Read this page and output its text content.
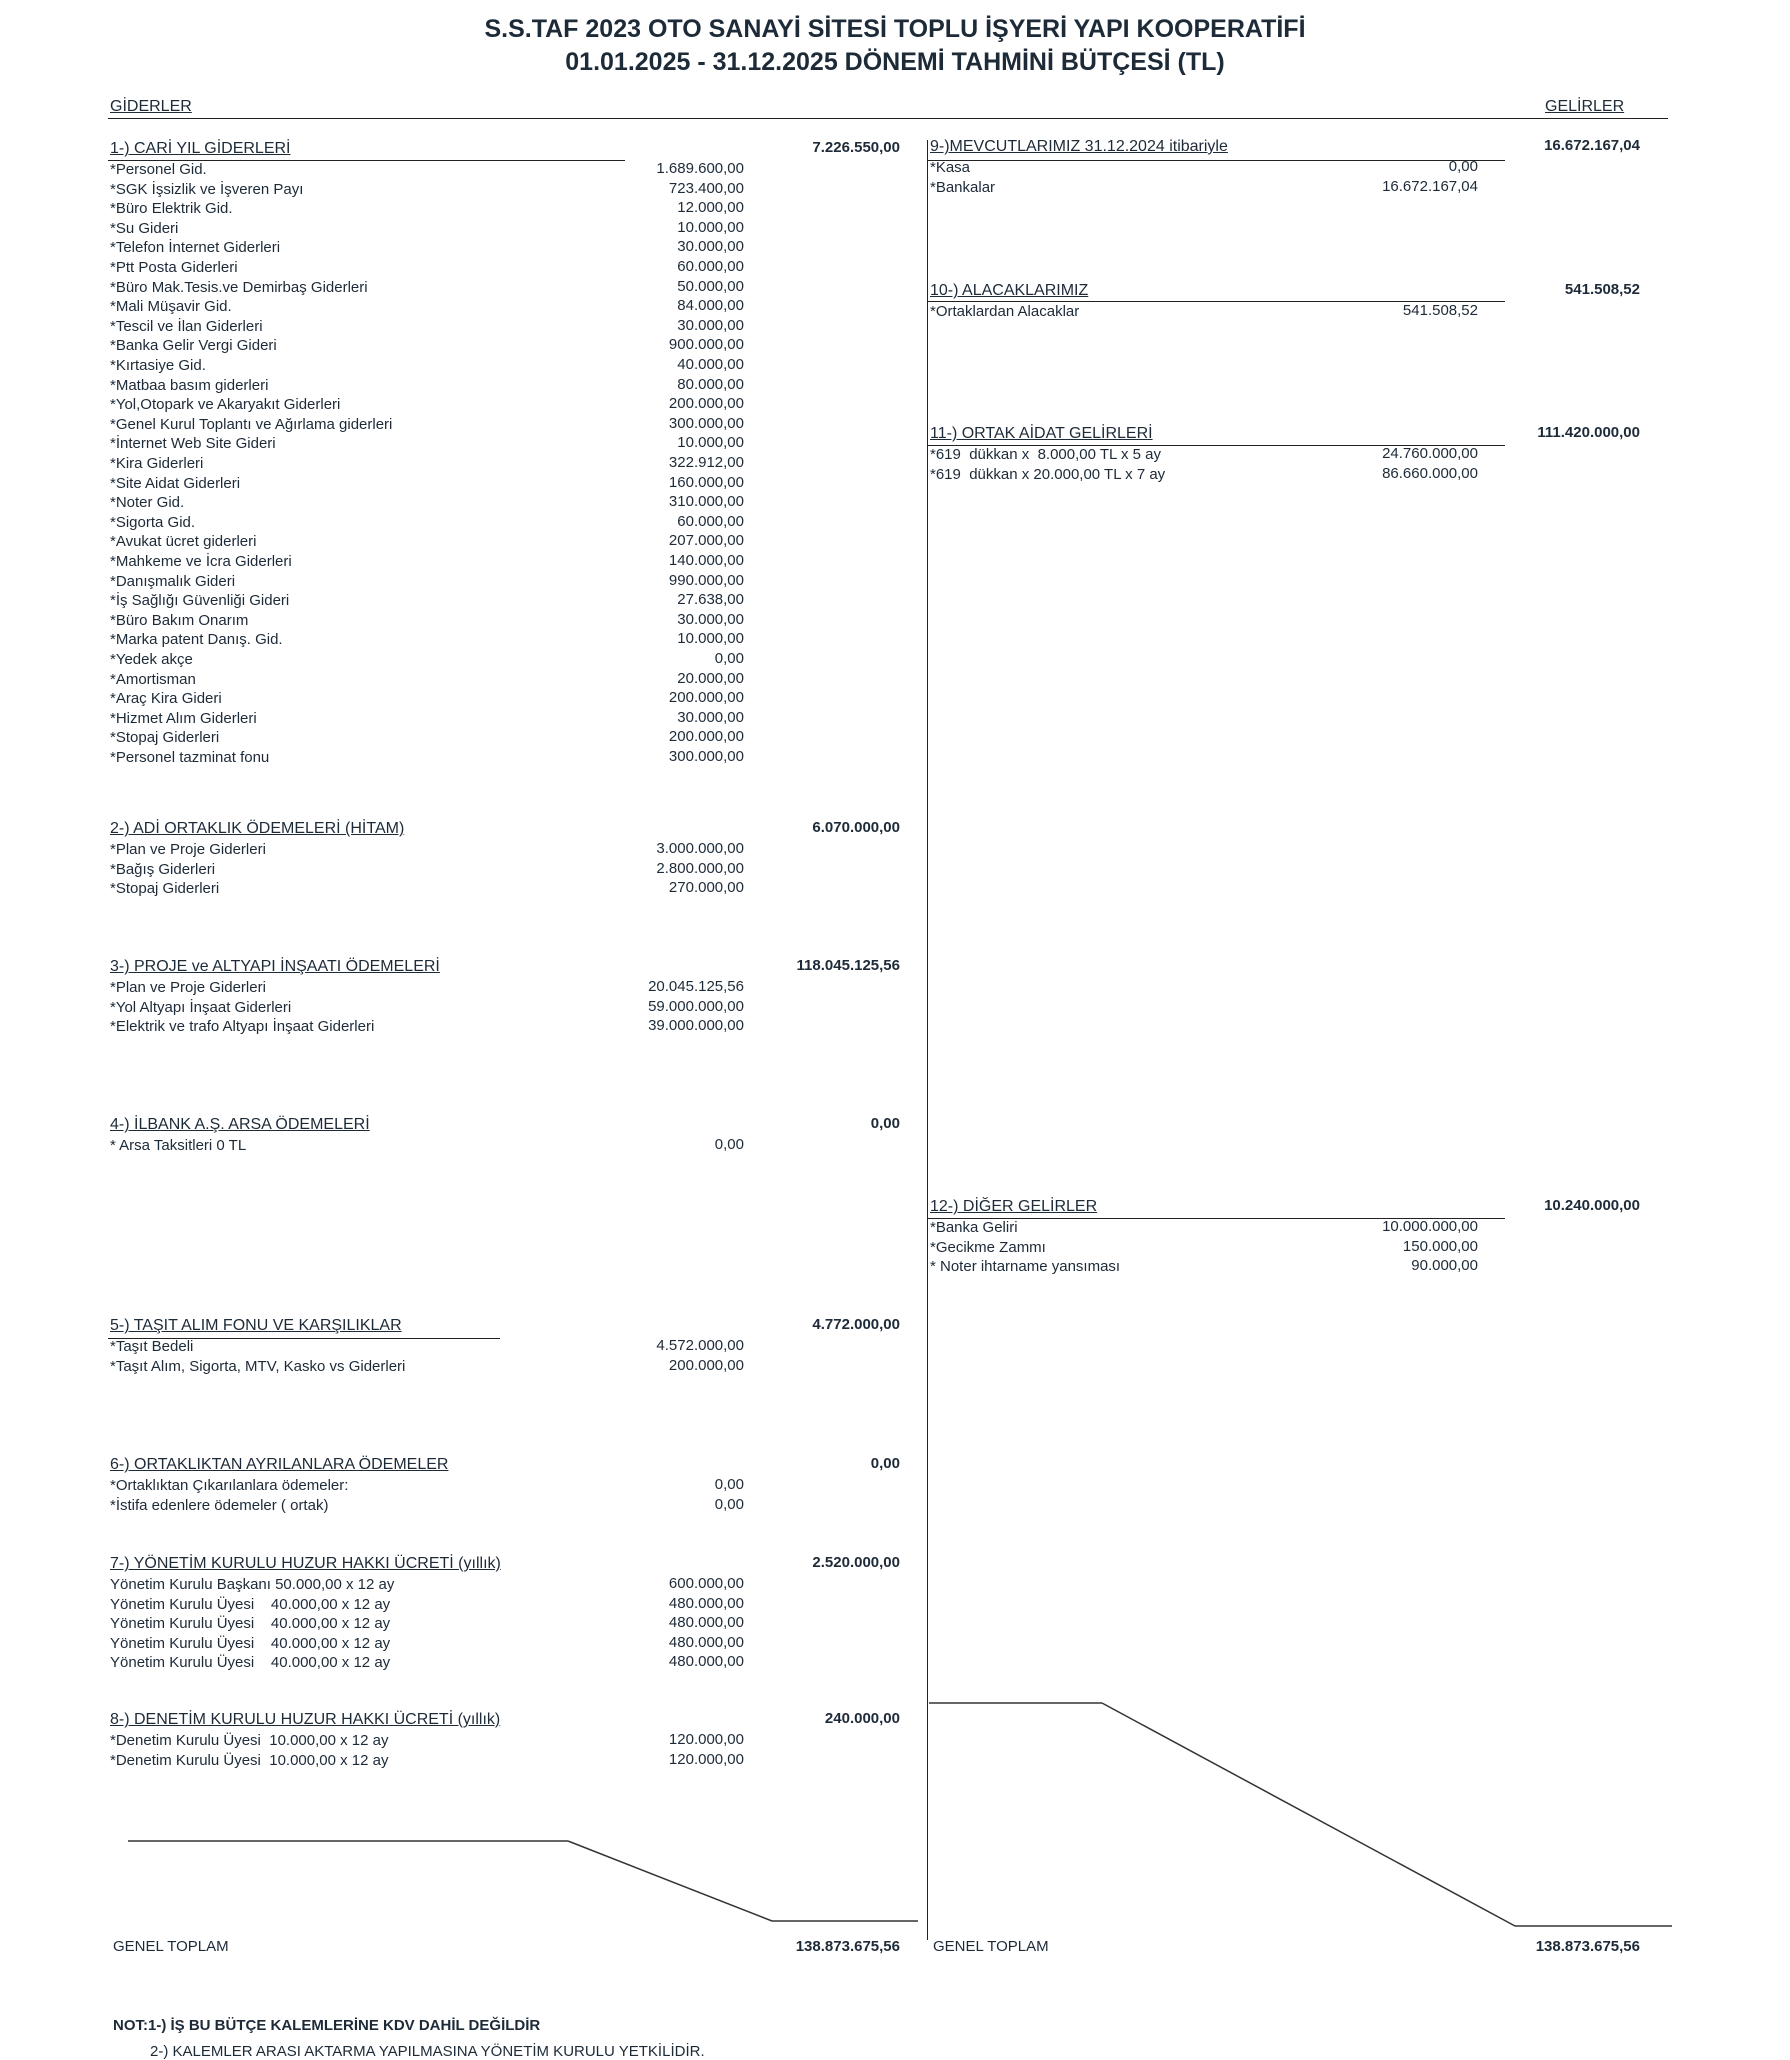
S.S.TAF 2023 OTO SANAYİ SİTESİ TOPLU İŞYERİ YAPI KOOPERATİFİ
01.01.2025 - 31.12.2025 DÖNEMİ TAHMİNİ BÜTÇESİ (TL)
GİDERLER	GELİRLER
1-) CARİ YIL GİDERLERİ	7.226.550,00
*Personel Gid.	1.689.600,00
*SGK İşsizlik ve İşveren Payı	723.400,00
*Büro Elektrik Gid.	12.000,00
*Su Gideri	10.000,00
*Telefon İnternet Giderleri	30.000,00
*Ptt Posta Giderleri	60.000,00
*Büro Mak.Tesis.ve Demirbaş Giderleri	50.000,00
*Mali Müşavir Gid.	84.000,00
*Tescil ve İlan Giderleri	30.000,00
*Banka Gelir Vergi Gideri	900.000,00
*Kırtasiye Gid.	40.000,00
*Matbaa basım giderleri	80.000,00
*Yol,Otopark ve Akaryakıt Giderleri	200.000,00
*Genel Kurul Toplantı ve Ağırlama giderleri	300.000,00
*İnternet Web Site Gideri	10.000,00
*Kira Giderleri	322.912,00
*Site Aidat Giderleri	160.000,00
*Noter Gid.	310.000,00
*Sigorta Gid.	60.000,00
*Avukat ücret giderleri	207.000,00
*Mahkeme ve İcra Giderleri	140.000,00
*Danışmalık Gideri	990.000,00
*İş Sağlığı Güvenliği Gideri	27.638,00
*Büro Bakım Onarım	30.000,00
*Marka patent Danış. Gid.	10.000,00
*Yedek akçe	0,00
*Amortisman	20.000,00
*Araç Kira Gideri	200.000,00
*Hizmet Alım Giderleri	30.000,00
*Stopaj Giderleri	200.000,00
*Personel tazminat fonu	300.000,00
2-) ADİ ORTAKLIK ÖDEMELERİ (HİTAM)	6.070.000,00
*Plan ve Proje Giderleri	3.000.000,00
*Bağış Giderleri	2.800.000,00
*Stopaj Giderleri	270.000,00
3-) PROJE ve ALTYAPI İNŞAATI ÖDEMELERİ	118.045.125,56
*Plan ve Proje Giderleri	20.045.125,56
*Yol Altyapı İnşaat Giderleri	59.000.000,00
*Elektrik ve trafo Altyapı İnşaat Giderleri	39.000.000,00
4-) İLBANK A.Ş. ARSA ÖDEMELERİ	0,00
* Arsa Taksitleri 0 TL	0,00
5-) TAŞIT ALIM FONU VE KARŞILIKLAR	4.772.000,00
*Taşıt Bedeli	4.572.000,00
*Taşıt Alım, Sigorta, MTV, Kasko vs Giderleri	200.000,00
6-) ORTAKLIKTAN AYRILANLARA ÖDEMELER	0,00
*Ortaklıktan Çıkarılanlara ödemeler:	0,00
*İstifa edenlere ödemeler ( ortak)	0,00
7-) YÖNETİM KURULU HUZUR HAKKI ÜCRETİ (yıllık)	2.520.000,00
Yönetim Kurulu Başkanı 50.000,00 x 12 ay	600.000,00
Yönetim Kurulu Üyesi    40.000,00 x 12 ay	480.000,00
Yönetim Kurulu Üyesi    40.000,00 x 12 ay	480.000,00
Yönetim Kurulu Üyesi    40.000,00 x 12 ay	480.000,00
Yönetim Kurulu Üyesi    40.000,00 x 12 ay	480.000,00
8-) DENETİM KURULU HUZUR HAKKI ÜCRETİ (yıllık)	240.000,00
*Denetim Kurulu Üyesi  10.000,00 x 12 ay	120.000,00
*Denetim Kurulu Üyesi  10.000,00 x 12 ay	120.000,00
9-)MEVCUTLARIMIZ 31.12.2024 itibariyle	16.672.167,04
*Kasa	0,00
*Bankalar	16.672.167,04
10-) ALACAKLARIMIZ	541.508,52
*Ortaklardan Alacaklar	541.508,52
11-) ORTAK AİDAT GELİRLERİ	111.420.000,00
*619  dükkan x  8.000,00 TL x 5 ay	24.760.000,00
*619  dükkan x 20.000,00 TL x 7 ay	86.660.000,00
12-) DİĞER GELİRLER	10.240.000,00
*Banka Geliri	10.000.000,00
*Gecikme Zammı	150.000,00
* Noter ihtarname yansıması	90.000,00
GENEL TOPLAM	138.873.675,56 GENEL TOPLAM	138.873.675,56
NOT:1-) İŞ BU BÜTÇE KALEMLERİNE KDV DAHİL DEĞİLDİR
2-) KALEMLER ARASI AKTARMA YAPILMASINA YÖNETİM KURULU YETKİLİDİR.
